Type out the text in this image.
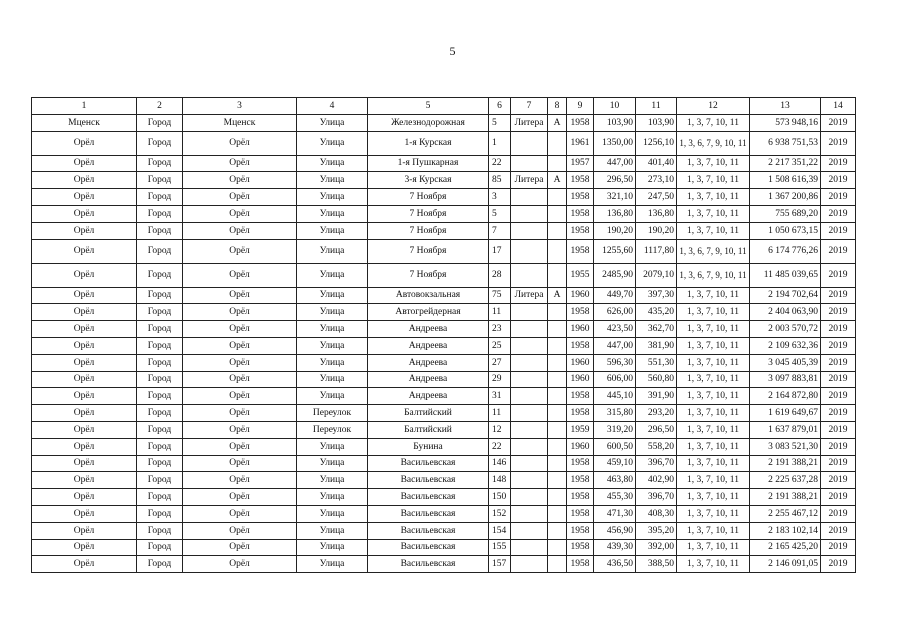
5
1	2	3	4	5	6	7	8	9	10	11	12	13	14
Мценск	Город	Мценск	Улица	Железнодорожная	5	Литера	А	1958	103,90	103,90	1, 3, 7, 10, 11	573 948,16	2019
Орёл	Город	Орёл	Улица	1-я Курская	1			1961	1350,00	1256,10	1, 3, 6, 7, 9, 10, 11	6 938 751,53	2019
Орёл	Город	Орёл	Улица	1-я Пушкарная	22			1957	447,00	401,40	1, 3, 7, 10, 11	2 217 351,22	2019
Орёл	Город	Орёл	Улица	3-я Курская	85	Литера	А	1958	296,50	273,10	1, 3, 7, 10, 11	1 508 616,39	2019
Орёл	Город	Орёл	Улица	7 Ноября	3			1958	321,10	247,50	1, 3, 7, 10, 11	1 367 200,86	2019
Орёл	Город	Орёл	Улица	7 Ноября	5			1958	136,80	136,80	1, 3, 7, 10, 11	755 689,20	2019
Орёл	Город	Орёл	Улица	7 Ноября	7			1958	190,20	190,20	1, 3, 7, 10, 11	1 050 673,15	2019
Орёл	Город	Орёл	Улица	7 Ноября	17			1958	1255,60	1117,80	1, 3, 6, 7, 9, 10, 11	6 174 776,26	2019
Орёл	Город	Орёл	Улица	7 Ноября	28			1955	2485,90	2079,10	1, 3, 6, 7, 9, 10, 11	11 485 039,65	2019
Орёл	Город	Орёл	Улица	Автовокзальная	75	Литера	А	1960	449,70	397,30	1, 3, 7, 10, 11	2 194 702,64	2019
Орёл	Город	Орёл	Улица	Автогрейдерная	11			1958	626,00	435,20	1, 3, 7, 10, 11	2 404 063,90	2019
Орёл	Город	Орёл	Улица	Андреева	23			1960	423,50	362,70	1, 3, 7, 10, 11	2 003 570,72	2019
Орёл	Город	Орёл	Улица	Андреева	25			1958	447,00	381,90	1, 3, 7, 10, 11	2 109 632,36	2019
Орёл	Город	Орёл	Улица	Андреева	27			1960	596,30	551,30	1, 3, 7, 10, 11	3 045 405,39	2019
Орёл	Город	Орёл	Улица	Андреева	29			1960	606,00	560,80	1, 3, 7, 10, 11	3 097 883,81	2019
Орёл	Город	Орёл	Улица	Андреева	31			1958	445,10	391,90	1, 3, 7, 10, 11	2 164 872,80	2019
Орёл	Город	Орёл	Переулок	Балтийский	11			1958	315,80	293,20	1, 3, 7, 10, 11	1 619 649,67	2019
Орёл	Город	Орёл	Переулок	Балтийский	12			1959	319,20	296,50	1, 3, 7, 10, 11	1 637 879,01	2019
Орёл	Город	Орёл	Улица	Бунина	22			1960	600,50	558,20	1, 3, 7, 10, 11	3 083 521,30	2019
Орёл	Город	Орёл	Улица	Васильевская	146			1958	459,10	396,70	1, 3, 7, 10, 11	2 191 388,21	2019
Орёл	Город	Орёл	Улица	Васильевская	148			1958	463,80	402,90	1, 3, 7, 10, 11	2 225 637,28	2019
Орёл	Город	Орёл	Улица	Васильевская	150			1958	455,30	396,70	1, 3, 7, 10, 11	2 191 388,21	2019
Орёл	Город	Орёл	Улица	Васильевская	152			1958	471,30	408,30	1, 3, 7, 10, 11	2 255 467,12	2019
Орёл	Город	Орёл	Улица	Васильевская	154			1958	456,90	395,20	1, 3, 7, 10, 11	2 183 102,14	2019
Орёл	Город	Орёл	Улица	Васильевская	155			1958	439,30	392,00	1, 3, 7, 10, 11	2 165 425,20	2019
Орёл	Город	Орёл	Улица	Васильевская	157			1958	436,50	388,50	1, 3, 7, 10, 11	2 146 091,05	2019
